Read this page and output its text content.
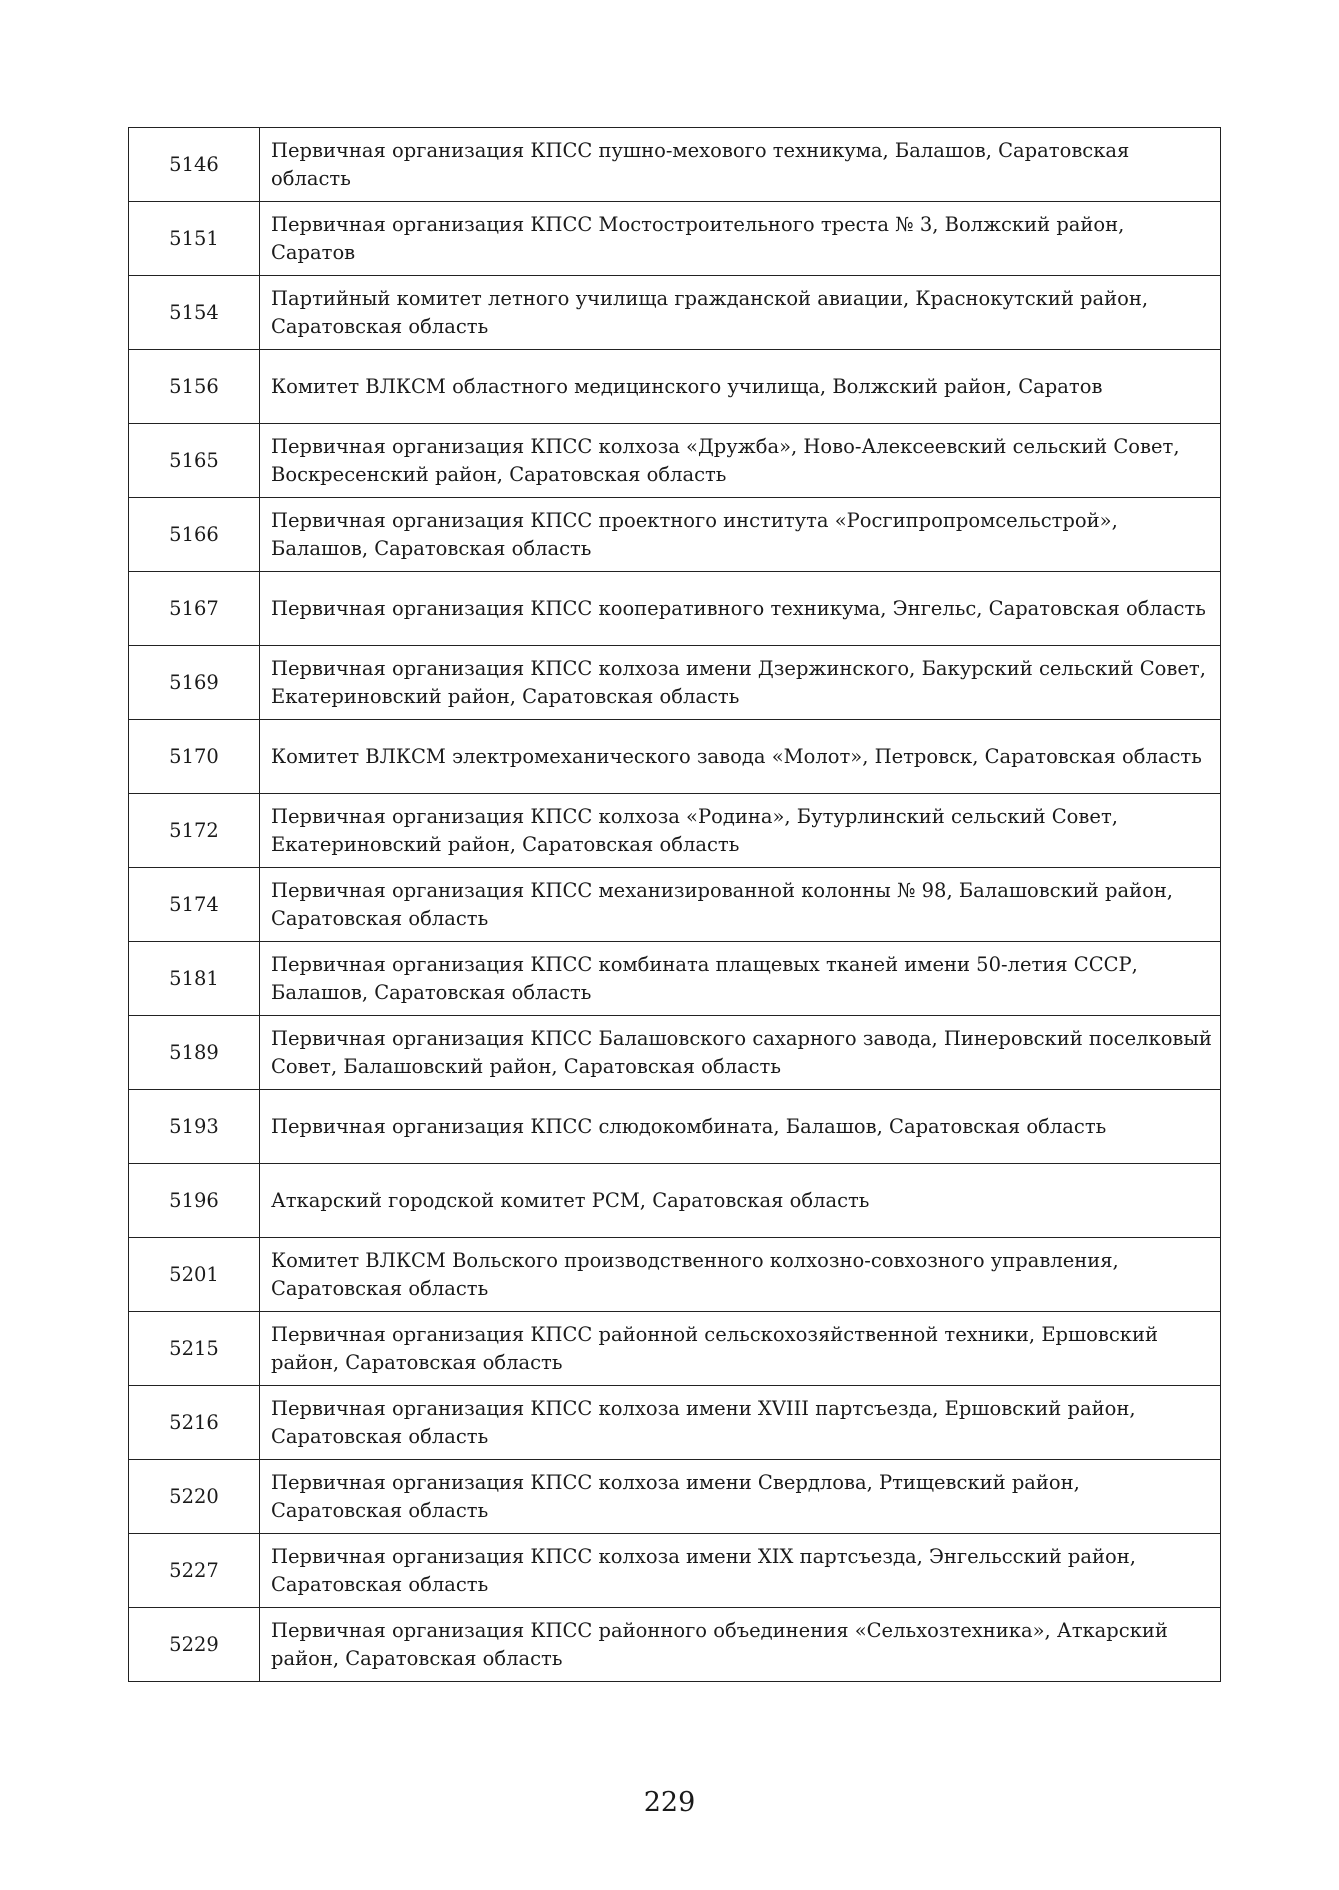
5146	Первичная организация КПСС пушно-мехового техникума, Балашов, Саратовская область
5151	Первичная организация КПСС Мостостроительного треста № 3, Волжский район, Саратов
5154	Партийный комитет летного училища гражданской авиации, Краснокутский район, Саратовская область
5156	Комитет ВЛКСМ областного медицинского училища, Волжский район, Саратов
5165	Первичная организация КПСС колхоза «Дружба», Ново-Алексеевский сельский Совет, Воскресенский район, Саратовская область
5166	Первичная организация КПСС проектного института «Росгипропромсельстрой», Балашов, Саратовская область
5167	Первичная организация КПСС кооперативного техникума, Энгельс, Саратовская область
5169	Первичная организация КПСС колхоза имени Дзержинского, Бакурский сельский Совет, Екатериновский район, Саратовская область
5170	Комитет ВЛКСМ электромеханического завода «Молот», Петровск, Саратовская область
5172	Первичная организация КПСС колхоза «Родина», Бутурлинский сельский Совет, Екатериновский район, Саратовская область
5174	Первичная организация КПСС механизированной колонны № 98, Балашовский район, Саратовская область
5181	Первичная организация КПСС комбината плащевых тканей имени 50-летия СССР, Балашов, Саратовская область
5189	Первичная организация КПСС Балашовского сахарного завода, Пинеровский поселковый Совет, Балашовский район, Саратовская область
5193	Первичная организация КПСС слюдокомбината, Балашов, Саратовская область
5196	Аткарский городской комитет РСМ, Саратовская область
5201	Комитет ВЛКСМ Вольского производственного колхозно-совхозного управления, Саратовская область
5215	Первичная организация КПСС районной сельскохозяйственной техники, Ершовский район, Саратовская область
5216	Первичная организация КПСС колхоза имени XVIII партсъезда, Ершовский район, Саратовская область
5220	Первичная организация КПСС колхоза имени Свердлова, Ртищевский район, Саратовская область
5227	Первичная организация КПСС колхоза имени XIX партсъезда, Энгельсский район, Саратовская область
5229	Первичная организация КПСС районного объединения «Сельхозтехника», Аткарский район, Саратовская область
229
